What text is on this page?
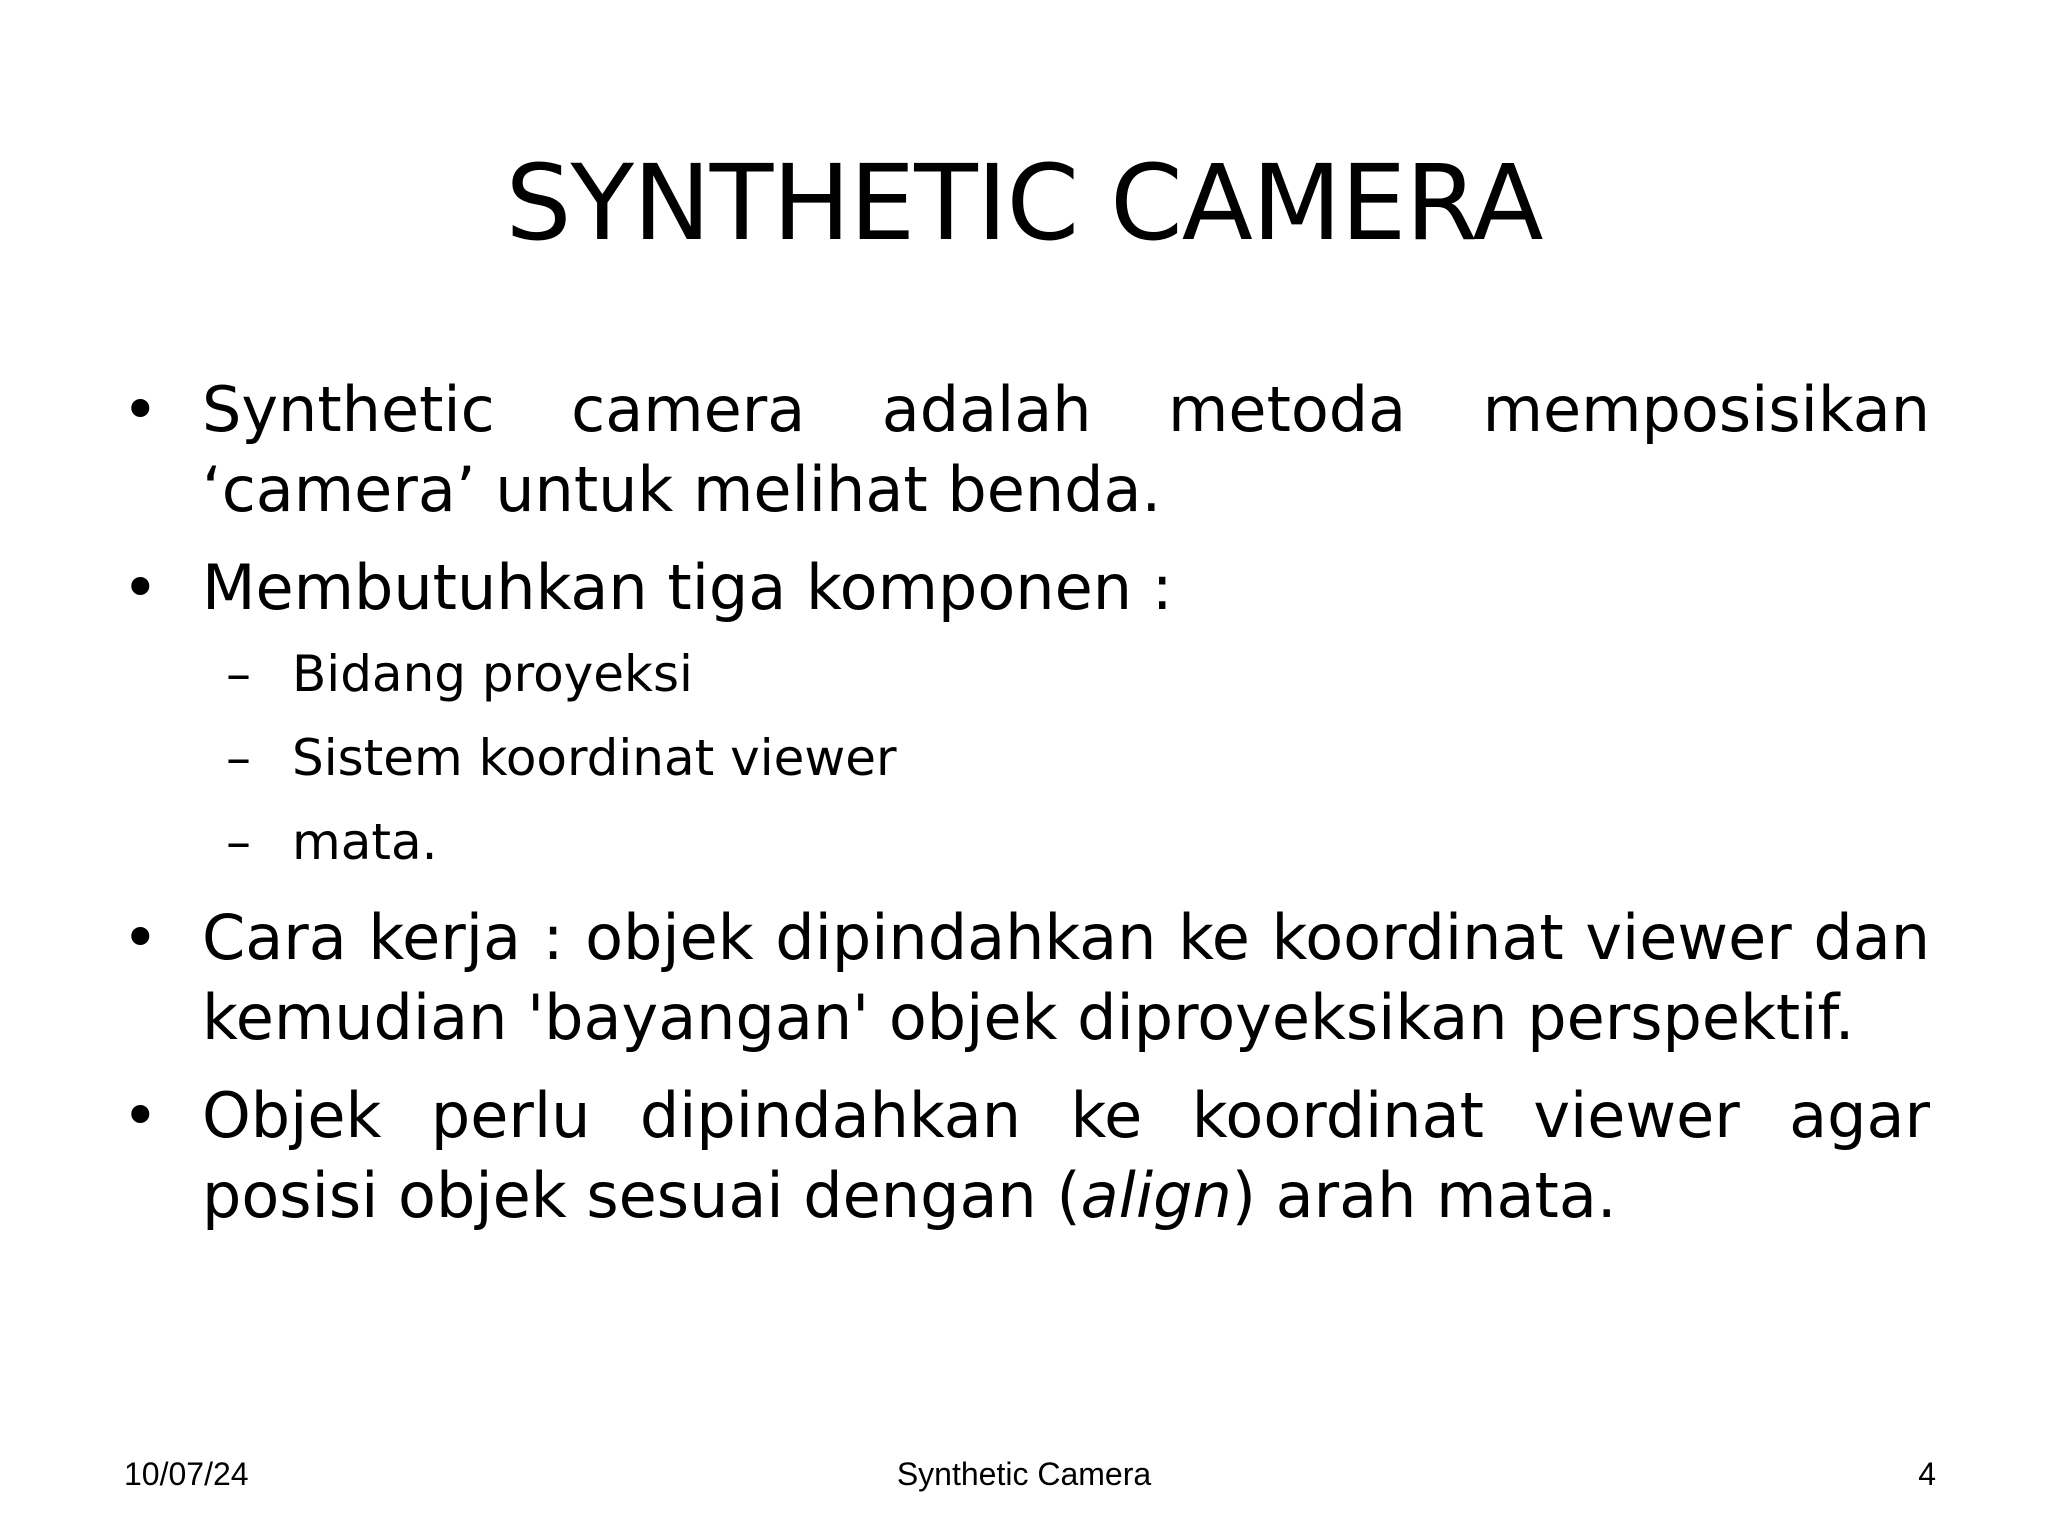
SYNTHETIC CAMERA
• Synthetic camera adalah metoda memposisikan ‘camera’ untuk melihat benda.
• Membutuhkan tiga komponen :
– Bidang proyeksi
– Sistem koordinat viewer
– mata.
• Cara kerja : objek dipindahkan ke koordinat viewer dan kemudian 'bayangan' objek diproyeksikan perspektif.
• Objek perlu dipindahkan ke koordinat viewer agar posisi objek sesuai dengan (align) arah mata.
10/07/24	Synthetic Camera	4
